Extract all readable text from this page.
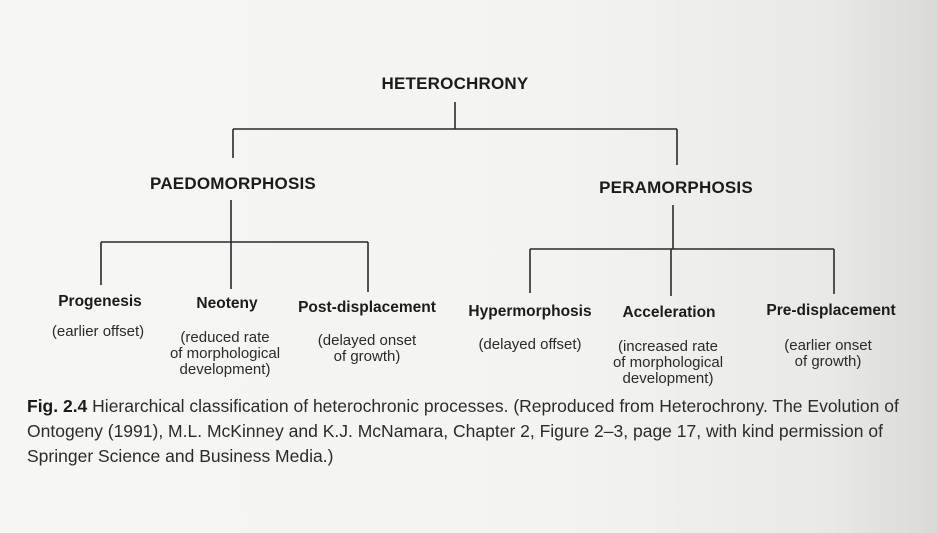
HETEROCHRONY
PAEDOMORPHOSIS	PERAMORPHOSIS
Progenesis
(earlier offset)
Neoteny
(reduced rate
of morphological
development)
Post-displacement
(delayed onset
of growth)
Hypermorphosis
(delayed offset)
Acceleration
(increased rate
of morphological
development)
Pre-displacement
(earlier onset
of growth)
Fig. 2.4 Hierarchical classification of heterochronic processes. (Reproduced from Heterochrony. The Evolution of Ontogeny (1991), M.L. McKinney and K.J. McNamara, Chapter 2, Figure 2–3, page 17, with kind permission of Springer Science and Business Media.)
